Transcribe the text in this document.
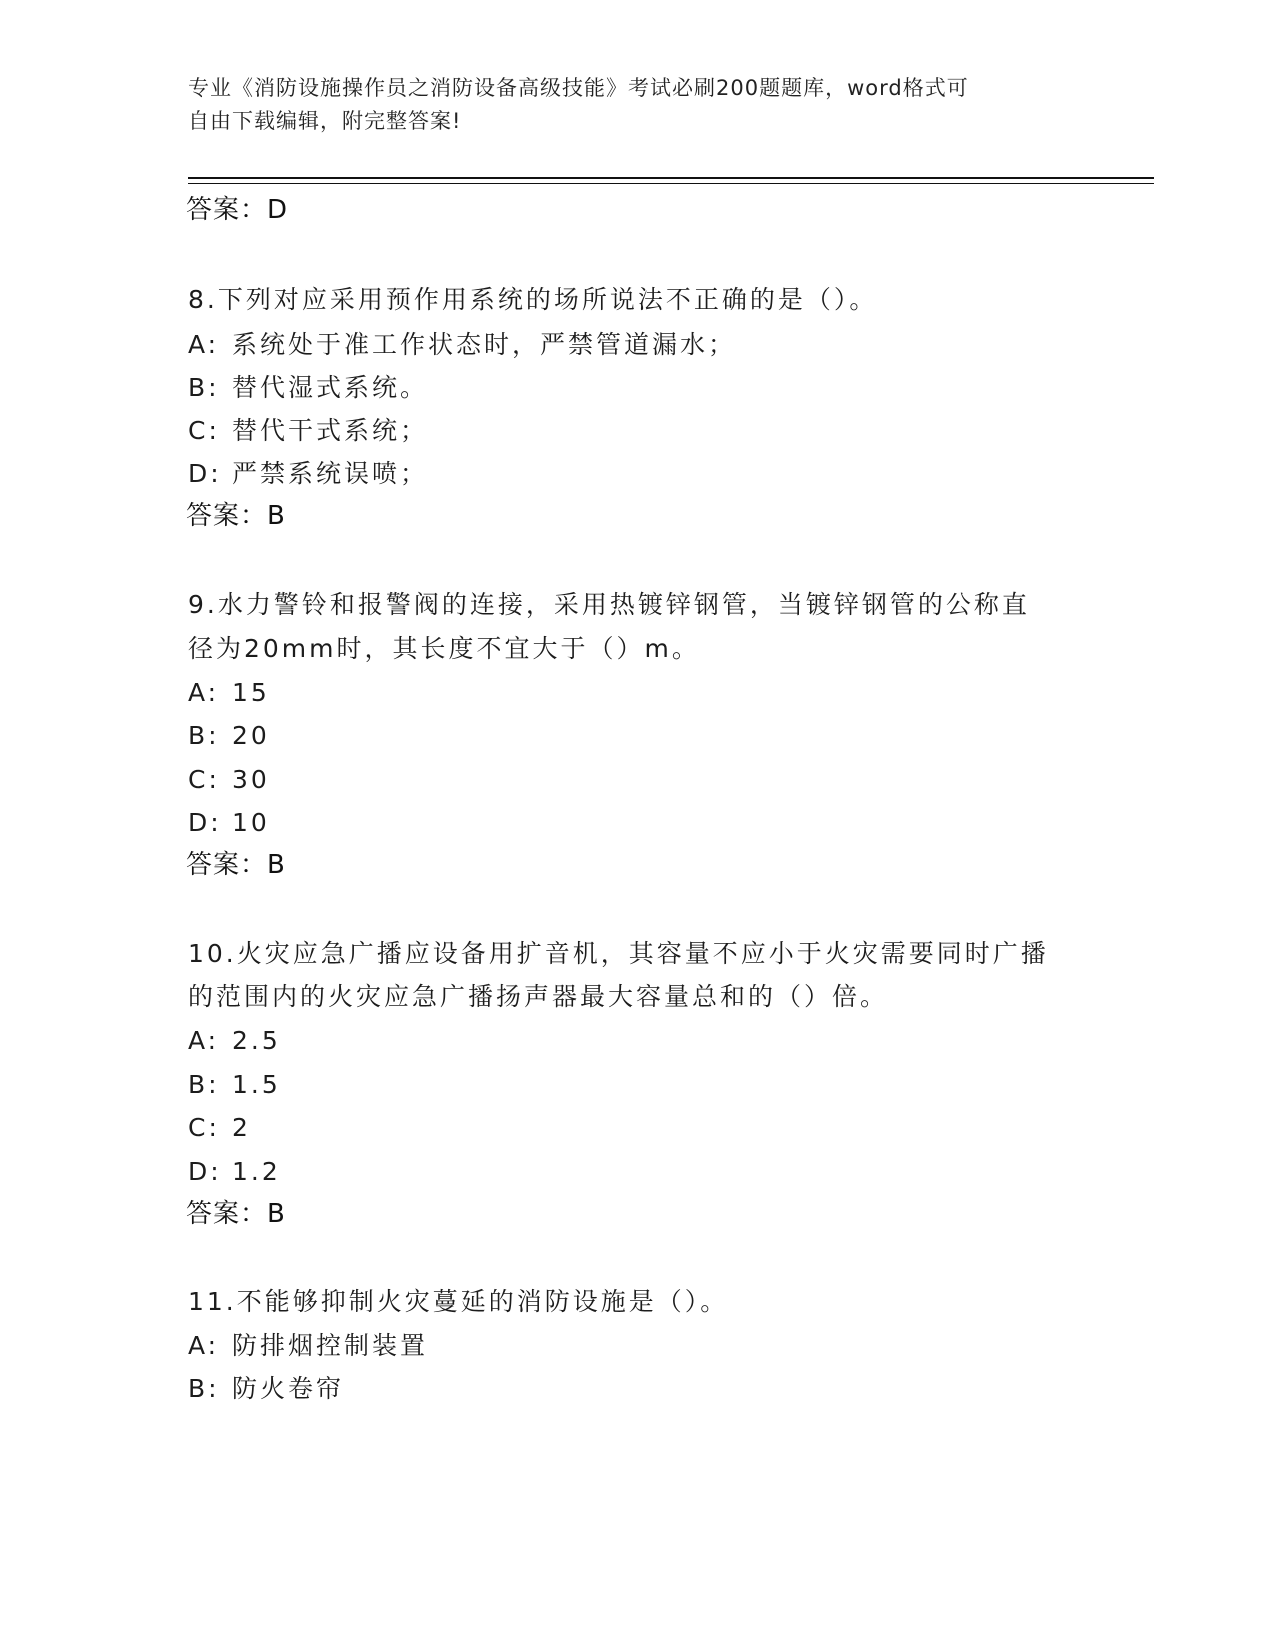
专业《消防设施操作员之消防设备高级技能》考试必刷200题题库，word格式可
自由下载编辑，附完整答案!
答案：D
8.下列对应采用预作用系统的场所说法不正确的是（）。
A: 系统处于准工作状态时，严禁管道漏水；
B: 替代湿式系统。
C: 替代干式系统；
D: 严禁系统误喷；
答案：B
9.水力警铃和报警阀的连接，采用热镀锌钢管，当镀锌钢管的公称直
径为20mm时，其长度不宜大于（）m。
A: 15
B: 20
C: 30
D: 10
答案：B
10.火灾应急广播应设备用扩音机，其容量不应小于火灾需要同时广播
的范围内的火灾应急广播扬声器最大容量总和的（）倍。
A: 2.5
B: 1.5
C: 2
D: 1.2
答案：B
11.不能够抑制火灾蔓延的消防设施是（）。
A: 防排烟控制装置
B: 防火卷帘
